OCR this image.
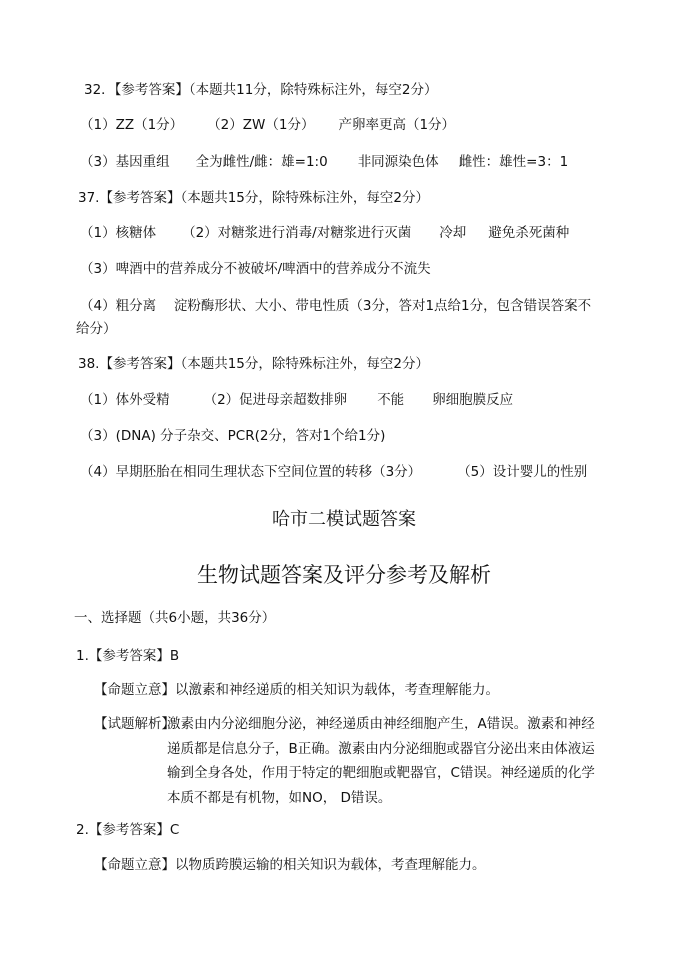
32．【参考答案】（本题共11分，除特殊标注外，每空2分）
（1）ZZ（1分） （2）ZW（1分） 产卵率更高（1分）
（3）基因重组 全为雌性/雌：雄=1:0 非同源染色体 雌性：雄性=3：1
37.【参考答案】（本题共15分，除特殊标注外，每空2分）
（1）核糖体 （2）对糖浆进行消毒/对糖浆进行灭菌 冷却 避免杀死菌种
（3）啤酒中的营养成分不被破坏/啤酒中的营养成分不流失
（4）粗分离　 淀粉酶形状、大小、带电性质（3分，答对1点给1分，包含错误答案不
给分）
38.【参考答案】（本题共15分，除特殊标注外，每空2分）
（1）体外受精	（2）促进母亲超数排卵 不能 卵细胞膜反应
（3）(DNA) 分子杂交、PCR(2分，答对1个给1分)
（4）早期胚胎在相同生理状态下空间位置的转移（3分）	（5）设计婴儿的性别
哈市二模试题答案
生物试题答案及评分参考及解析
一、选择题（共6小题，共36分）
1.【参考答案】B
【命题立意】以激素和神经递质的相关知识为载体，考查理解能力。
【试题解析】
激素由内分泌细胞分泌，神经递质由神经细胞产生，A错误。激素和神经
递质都是信息分子，B正确。激素由内分泌细胞或器官分泌出来由体液运
输到全身各处，作用于特定的靶细胞或靶器官，C错误。神经递质的化学
本质不都是有机物，如NO， D错误。
2.【参考答案】C
【命题立意】以物质跨膜运输的相关知识为载体，考查理解能力。
